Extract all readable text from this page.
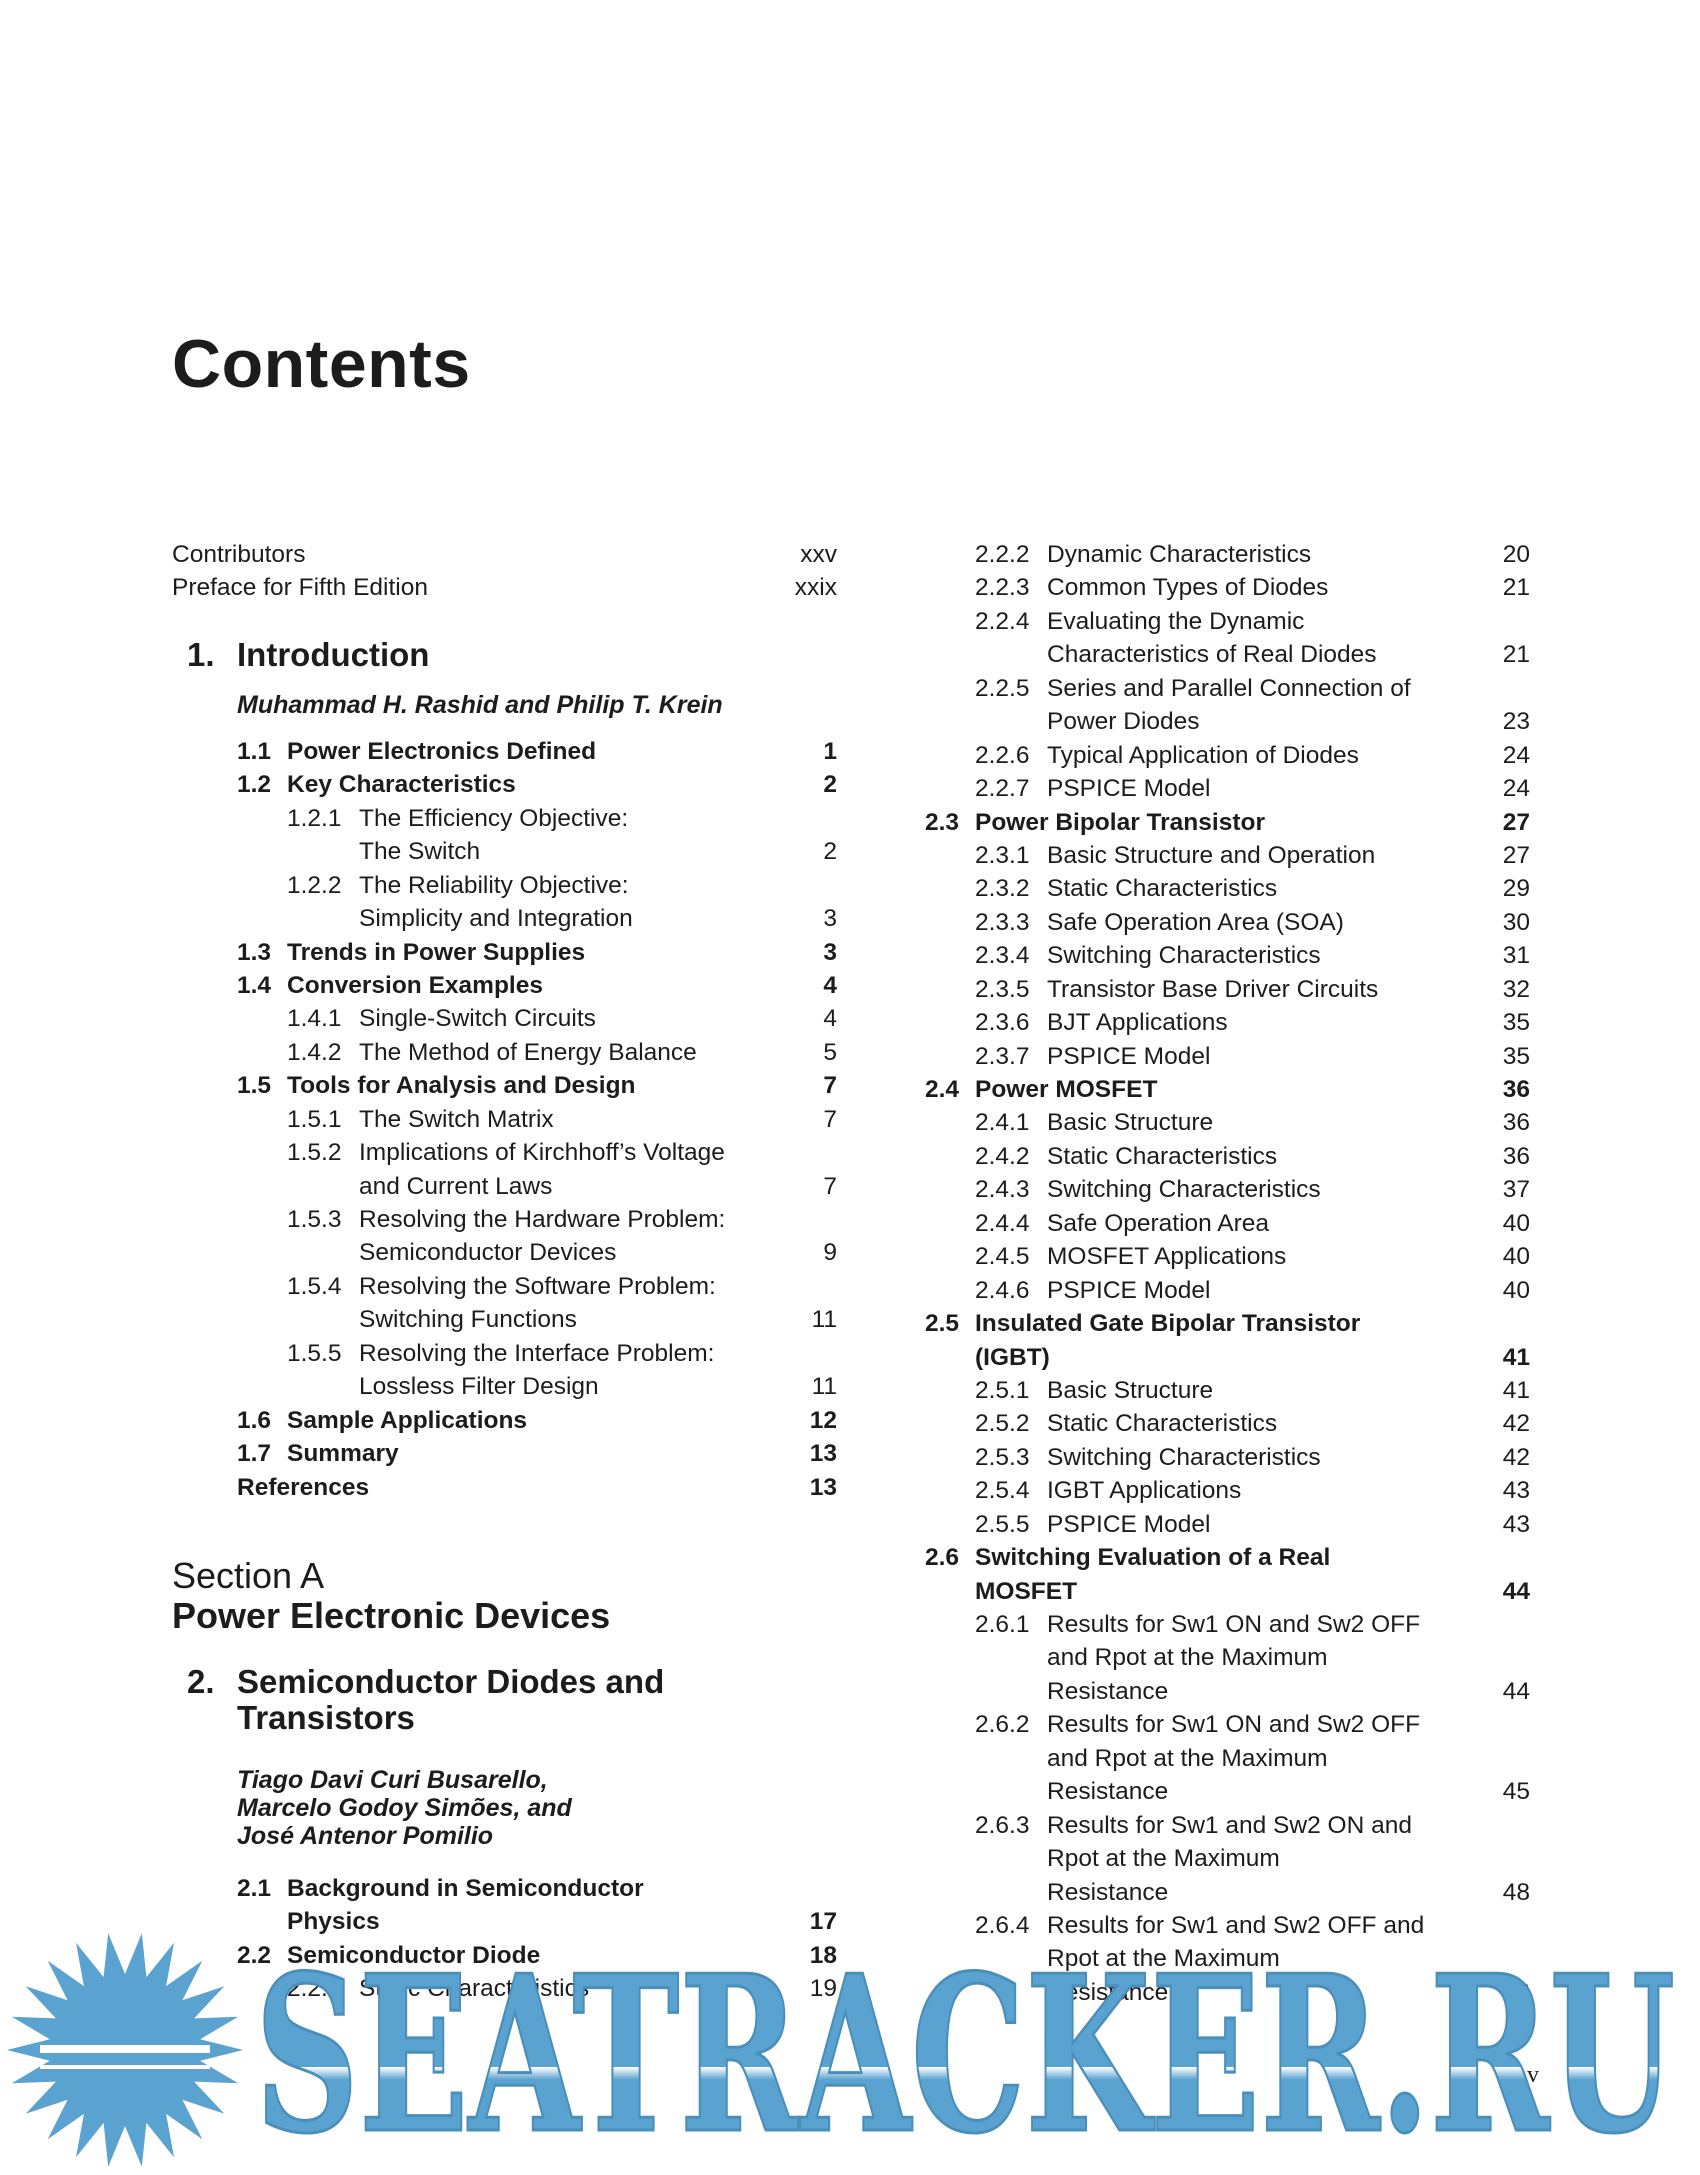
Contents
Contributors	xxv
Preface for Fifth Edition	xxix
1. Introduction
Muhammad H. Rashid and Philip T. Krein
1.1 Power Electronics Defined	1
1.2 Key Characteristics	2
1.2.1 The Efficiency Objective:
The Switch	2
1.2.2 The Reliability Objective:
Simplicity and Integration	3
1.3 Trends in Power Supplies	3
1.4 Conversion Examples	4
1.4.1 Single-Switch Circuits	4
1.4.2 The Method of Energy Balance	5
1.5 Tools for Analysis and Design	7
1.5.1 The Switch Matrix	7
1.5.2 Implications of Kirchhoff’s Voltage
and Current Laws	7
1.5.3 Resolving the Hardware Problem:
Semiconductor Devices	9
1.5.4 Resolving the Software Problem:
Switching Functions	11
1.5.5 Resolving the Interface Problem:
Lossless Filter Design	11
1.6 Sample Applications	12
1.7 Summary	13
References	13
Section A
Power Electronic Devices
2. Semiconductor Diodes and
Transistors
Tiago Davi Curi Busarello,
Marcelo Godoy Simões, and
José Antenor Pomilio
2.1 Background in Semiconductor
Physics	17
2.2 Semiconductor Diode	18
2.2.1 Static Characteristics	19
2.2.2 Dynamic Characteristics	20
2.2.3 Common Types of Diodes	21
2.2.4 Evaluating the Dynamic
Characteristics of Real Diodes	21
2.2.5 Series and Parallel Connection of
Power Diodes	23
2.2.6 Typical Application of Diodes	24
2.2.7 PSPICE Model	24
2.3 Power Bipolar Transistor	27
2.3.1 Basic Structure and Operation	27
2.3.2 Static Characteristics	29
2.3.3 Safe Operation Area (SOA)	30
2.3.4 Switching Characteristics	31
2.3.5 Transistor Base Driver Circuits	32
2.3.6 BJT Applications	35
2.3.7 PSPICE Model	35
2.4 Power MOSFET	36
2.4.1 Basic Structure	36
2.4.2 Static Characteristics	36
2.4.3 Switching Characteristics	37
2.4.4 Safe Operation Area	40
2.4.5 MOSFET Applications	40
2.4.6 PSPICE Model	40
2.5 Insulated Gate Bipolar Transistor
(IGBT)	41
2.5.1 Basic Structure	41
2.5.2 Static Characteristics	42
2.5.3 Switching Characteristics	42
2.5.4 IGBT Applications	43
2.5.5 PSPICE Model	43
2.6 Switching Evaluation of a Real
MOSFET	44
2.6.1 Results for Sw1 ON and Sw2 OFF
and Rpot at the Maximum
Resistance	44
2.6.2 Results for Sw1 ON and Sw2 OFF
and Rpot at the Maximum
Resistance	45
2.6.3 Results for Sw1 and Sw2 ON and
Rpot at the Maximum
Resistance	48
2.6.4 Results for Sw1 and Sw2 OFF and
Rpot at the Maximum
Resistance	48
SEATRACKER.RU
v
